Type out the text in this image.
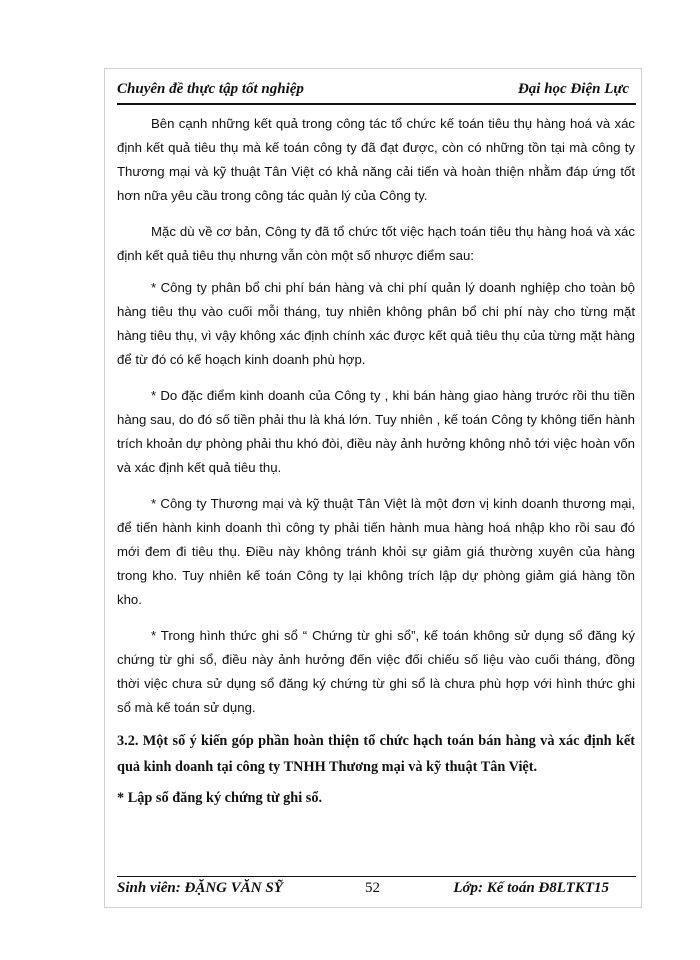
Chuyên đề thực tập tốt nghiệp	Đại học Điện Lực

Bên cạnh những kết quả trong công tác tổ chức kế toán tiêu thụ hàng hoá và xác định kết quả tiêu thụ mà kế toán công ty đã đạt được, còn có những tồn tại mà công ty Thương mại và kỹ thuật Tân Việt có khả năng cải tiến và hoàn thiện nhằm đáp ứng tốt hơn nữa yêu cầu trong công tác quản lý của Công ty.

Mặc dù về cơ bản, Công ty đã tổ chức tốt việc hạch toán tiêu thụ hàng hoá và xác định kết quả tiêu thụ nhưng vẫn còn một số nhược điểm sau:

* Công ty phân bổ chi phí bán hàng và chi phí quản lý doanh nghiệp cho toàn bộ hàng tiêu thụ vào cuối mỗi tháng, tuy nhiên không phân bổ chi phí này cho từng mặt hàng tiêu thụ, vì vậy không xác định chính xác được kết quả tiêu thụ của từng mặt hàng để từ đó có kế hoạch kinh doanh phù hợp.

* Do đặc điểm kinh doanh của Công ty , khi bán hàng giao hàng trước rồi thu tiền hàng sau, do đó số tiền phải thu là khá lớn. Tuy nhiên , kế toán Công ty không tiến hành trích khoản dự phòng phải thu khó đòi, điều này ảnh hưởng không nhỏ tới việc hoàn vốn và xác định kết quả tiêu thụ.

* Công ty Thương mại và kỹ thuật Tân Việt là một đơn vị kinh doanh thương mại, để tiến hành kinh doanh thì công ty phải tiến hành mua hàng hoá nhập kho rồi sau đó mới đem đi tiêu thụ. Điều này không tránh khỏi sự giảm giá thường xuyên của hàng trong kho. Tuy nhiên kế toán Công ty lại không trích lập dự phòng giảm giá hàng tồn kho.

* Trong hình thức ghi sổ “ Chứng từ ghi sổ”, kế toán không sử dụng sổ đăng ký chứng từ ghi sổ, điều này ảnh hưởng đến việc đối chiếu số liệu vào cuối tháng, đồng thời việc chưa sử dụng sổ đăng ký chứng từ ghi sổ là chưa phù hợp với hình thức ghi sổ mà kế toán sử dụng.

3.2. Một số ý kiến góp phần hoàn thiện tổ chức hạch toán bán hàng và xác định kết quả kinh doanh tại công ty TNHH Thương mại và kỹ thuật Tân Việt.
* Lập sổ đăng ký chứng từ ghi sổ.
Sinh viên: ĐẶNG VĂN SỸ	52	Lớp: Kế toán Đ8LTKT15
